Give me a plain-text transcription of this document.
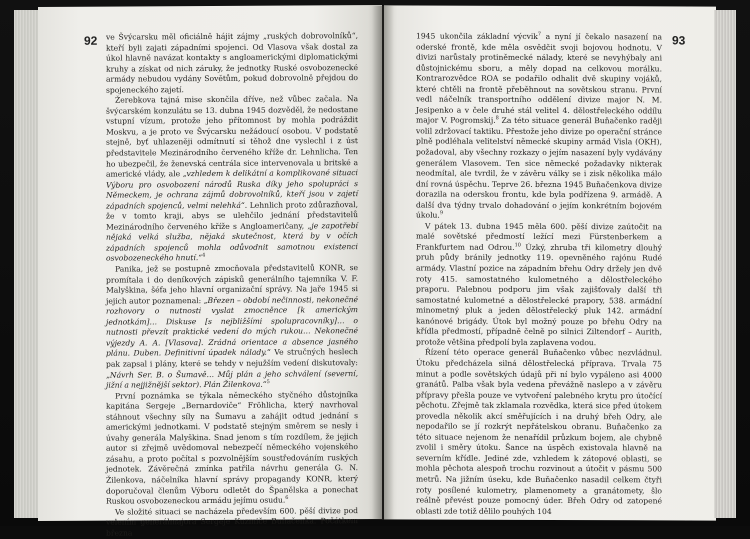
92 ve Švýcarsku měl oficiálně hájit zájmy „ruských dobrovolníků“, kteří byli zajati západními spojenci. Od Vlasova však dostal za úkol hlavně navázat kontakty s angloamerickými diplomatickými kruhy a získat od nich záruky, že jednotky Ruské osvobozenecké armády nebudou vydány Sovětům, pokud dobrovolně přejdou do spojeneckého zajetí.

Žerebkova tajná mise skončila dříve, než vůbec začala. Na švýcarském konzulátu se 13. dubna 1945 dozvěděl, že nedostane vstupní vízum, protože jeho přítomnost by mohla podráždit Moskvu, a je proto ve Švýcarsku nežádoucí osobou. V podstatě stejně, byť uhlazeněji odmítnutí si těhož dne vyslechl i z úst představitele Mezinárodního červeného kříže dr. Lehnlicha. Ten ho ubezpečil, že ženevská centrála sice intervenovala u britské a americké vlády, ale „vzhledem k delikátní a komplikované situaci Výboru pro osvobození národů Ruska díky jeho spolupráci s Německem, je ochrana zájmů dobrovolníků, kteří jsou v zajetí západních spojenců, velmi nelehká“. Lehnlich proto zdůrazňoval, že v tomto kraji, abys se ulehčilo jednání představitelů Mezinárodního červeného kříže s Angloameričany, „je zapotřebí nějaká velká služba, nějaká skutečnost, která by v očích západních spojenců mohla odůvodnit samotnou existenci osvobozeneckého hnutí.“$^4$

Panika, jež se postupně zmocňovala představitelů KONR, se promítala i do deníkových zápisků generálního tajemníka V. F. Malyškina, šéfa jeho hlavní organizační správy. Na jaře 1945 si jejich autor poznamenal: „Březen – období nečinnosti, nekonečné rozhovory o nutnosti vyslat zmocněnce [k americkým jednotkám]… Diskuse [s nejbližšími spolupracovníky]… o nutnosti převzít praktické vedení do mých rukou… Nekonečné výjezdy A. A. [Vlasova]. Zrádná orientace a absence jasného plánu. Duben. Definitivní úpadek nálady.“ Ve stručných heslech pak zapsal i plány, které se tehdy v nejužším vedení diskutovaly: „Návrh Ser. B. o Šumavě… Můj plán a jeho schválení (severní, jižní a nejjižnější sektor). Plán Žilenkova.“$^5$

První poznámka se týkala německého styčného důstojníka kapitána Sergeje „Bernardoviče“ Fröhlicha, který navrhoval stáhnout všechny síly na Šumavu a zahájit odtud jednání s americkými jednotkami. V podstatě stejným směrem se nesly i úvahy generála Malyškina. Snad jenom s tím rozdílem, že jejich autor si zřejmě uvědomoval nebezpečí německého vojenského zásahu, a proto počítal s pozvolnějším soustředováním ruských jednotek. Závěrečná zmínka patřila návrhu generála G. N. Žilenkova, náčelníka hlavní správy propagandy KONR, který doporučoval členům Výboru odletět do Španělska a ponechat Ruskou osvobozeneckou armádu jejímu osudu.$^6$

Ve složité situaci se nacházela především 600. pěší divize pod velením generálmajora Sergeje Kuzmiče Buňačenka. Počátkem března

93

1945 ukončila základní výcvik$^7$ a nyní jí čekalo nasazení na oderské frontě, kde měla osvědčit svoji bojovou hodnotu. V divizi narůstaly protiněmecké nálady, které se nevyhýbaly ani důstojnickému sboru, a měly dopad na celkovou morálku. Kontrarozvědce ROA se podařilo odhalit dvě skupiny vojáků, které chtěli na frontě přeběhnout na sovětskou stranu. První vedl náčelník transportního oddělení divize major N. M. Jesipenko a v čele druhé stál velitel 4. dělostřeleckého oddílu major V. Pogromskij.$^8$ Za této situace generál Buňačenko raději volil zdržovací taktiku. Přestože jeho divize po operační stránce plně podléhala velitelství německé skupiny armád Visla (OKH), požadoval, aby všechny rozkazy o jejím nasazení byly vydávány generálem Vlasovem. Ten sice německé požadavky nikterak neodmítal, ale tvrdil, že v závěru války se i zisk několika málo dní rovná úspěchu. Teprve 26. března 1945 Buňačenkova divize dorazila na oderskou frontu, kde byla podřízena 9. armádě. A další dva týdny trvalo dohadování o jejím konkrétním bojovém úkolu.$^9$

V pátek 13. dubna 1945 měla 600. pěší divize zaútočit na malé sovětské předmostí ležící mezi Fürstenberkem a Frankfurtem nad Odrou.$^{10}$ Úzký, zhruba tři kilometry dlouhý pruh půdy bránily jednotky 119. opevněného rajónu Rudé armády. Vlastní pozice na západním břehu Odry držely jen dvě roty 415. samostatného kulometného a dělostřeleckého praporu. Palebnou podporu jim však zajišťovaly další tři samostatné kulometné a dělostřelecké prapory, 538. armádní minometný pluk a jeden dělostřelecký pluk 142. armádní kanónové brigády. Útok byl možný pouze po břehu Odry na křídla předmostí, případně čelně po silnici Ziltendorf – Aurith, protože většina předpolí byla zaplavena vodou.

Řízení této operace generál Buňačenko vůbec nezvládnul. Útoku předcházela silná dělostřelecká příprava. Trvala 75 minut a podle sovětských údajů při ní bylo vypáleno asi 4000 granátů. Palba však byla vedena převážně naslepo a v závěru přípravy přešla pouze ve vytvoření palebného krytu pro útočící pěchotu. Zřejmě tak zklamala rozvědka, která sice před útokem provedla několik akcí směřujících i na druhý břeh Odry, ale nepodařilo se jí rozkrýt nepřátelskou obranu. Buňačenko za této situace nejenom že nenařídil průzkum bojem, ale chybně zvolil i směry útoku. Šance na úspěch existovala hlavně na severním křídle. Jediné zde, vzhledem k zátopové oblasti, se mohla pěchota alespoň trochu rozvinout a útočit v pásmu 500 metrů. Na jižním úseku, kde Buňačenko nasadil celkem čtyři roty posílené kulometry, plamenomety a granátomety, šlo reálně převést pouze pomocný úder. Břeh Odry od zatopené oblasti zde totiž dělilo pouhých 104
